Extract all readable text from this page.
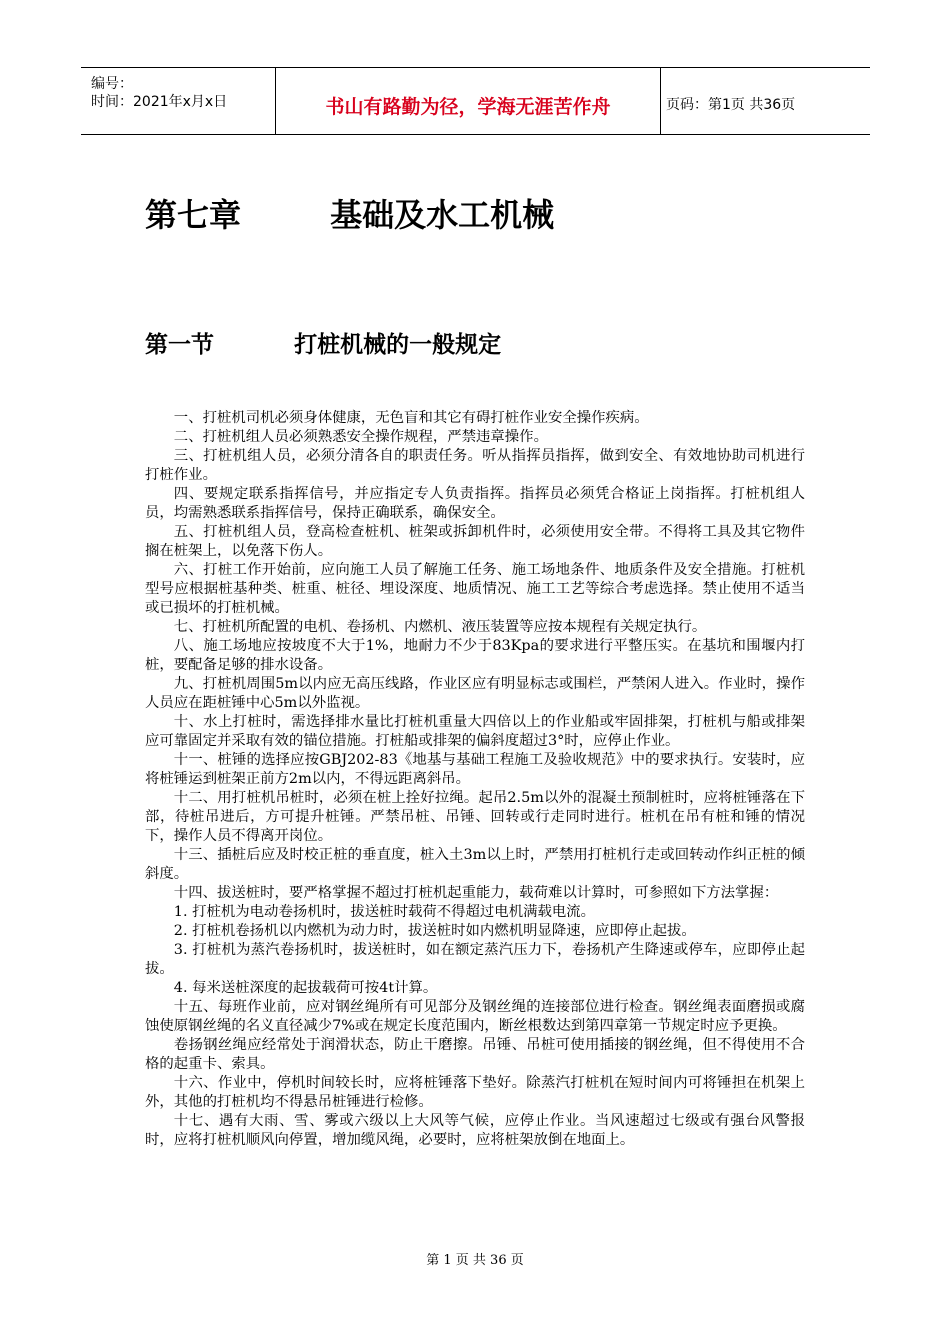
编号：
时间：2021年x月x日	书山有路勤为径，学海无涯苦作舟	页码：第1页 共36页
第七章        基础及水工机械
第一节          打桩机械的一般规定

一、打桩机司机必须身体健康，无色盲和其它有碍打桩作业安全操作疾病。

二、打桩机组人员必须熟悉安全操作规程，严禁违章操作。

三、打桩机组人员，必须分清各自的职责任务。听从指挥员指挥，做到安全、有效地协助司机进行打桩作业。

四、要规定联系指挥信号，并应指定专人负责指挥。指挥员必须凭合格证上岗指挥。打桩机组人员，均需熟悉联系指挥信号，保持正确联系，确保安全。

五、打桩机组人员，登高检查桩机、桩架或拆卸机件时，必须使用安全带。不得将工具及其它物件搁在桩架上，以免落下伤人。

六、打桩工作开始前，应向施工人员了解施工任务、施工场地条件、地质条件及安全措施。打桩机型号应根据桩基种类、桩重、桩径、埋设深度、地质情况、施工工艺等综合考虑选择。禁止使用不适当或已损坏的打桩机械。

七、打桩机所配置的电机、卷扬机、内燃机、液压装置等应按本规程有关规定执行。

八、施工场地应按坡度不大于1%，地耐力不少于83Kpa的要求进行平整压实。在基坑和围堰内打桩，要配备足够的排水设备。

九、打桩机周围5m以内应无高压线路，作业区应有明显标志或围栏，严禁闲人进入。作业时，操作人员应在距桩锤中心5m以外监视。

十、水上打桩时，需选择排水量比打桩机重量大四倍以上的作业船或牢固排架，打桩机与船或排架应可靠固定并采取有效的锚位措施。打桩船或排架的偏斜度超过3°时，应停止作业。

十一、桩锤的选择应按GBJ202-83《地基与基础工程施工及验收规范》中的要求执行。安装时，应将桩锤运到桩架正前方2m以内，不得远距离斜吊。

十二、用打桩机吊桩时，必须在桩上拴好拉绳。起吊2.5m以外的混凝土预制桩时，应将桩锤落在下部，待桩吊进后，方可提升桩锤。严禁吊桩、吊锤、回转或行走同时进行。桩机在吊有桩和锤的情况下，操作人员不得离开岗位。

十三、插桩后应及时校正桩的垂直度，桩入土3m以上时，严禁用打桩机行走或回转动作纠正桩的倾斜度。

十四、拔送桩时，要严格掌握不超过打桩机起重能力，载荷难以计算时，可参照如下方法掌握：

1. 打桩机为电动卷扬机时，拔送桩时载荷不得超过电机满载电流。

2. 打桩机卷扬机以内燃机为动力时，拔送桩时如内燃机明显降速，应即停止起拔。

3. 打桩机为蒸汽卷扬机时，拔送桩时，如在额定蒸汽压力下，卷扬机产生降速或停车，应即停止起拔。

4. 每米送桩深度的起拔载荷可按4t计算。

十五、每班作业前，应对钢丝绳所有可见部分及钢丝绳的连接部位进行检查。钢丝绳表面磨损或腐蚀使原钢丝绳的名义直径减少7%或在规定长度范围内，断丝根数达到第四章第一节规定时应予更换。

卷扬钢丝绳应经常处于润滑状态，防止干磨擦。吊锤、吊桩可使用插接的钢丝绳，但不得使用不合格的起重卡、索具。

十六、作业中，停机时间较长时，应将桩锤落下垫好。除蒸汽打桩机在短时间内可将锤担在机架上外，其他的打桩机均不得悬吊桩锤进行检修。

十七、遇有大雨、雪、雾或六级以上大风等气候，应停止作业。当风速超过七级或有强台风警报时，应将打桩机顺风向停置，增加缆风绳，必要时，应将桩架放倒在地面上。

第 1 页 共 36 页
